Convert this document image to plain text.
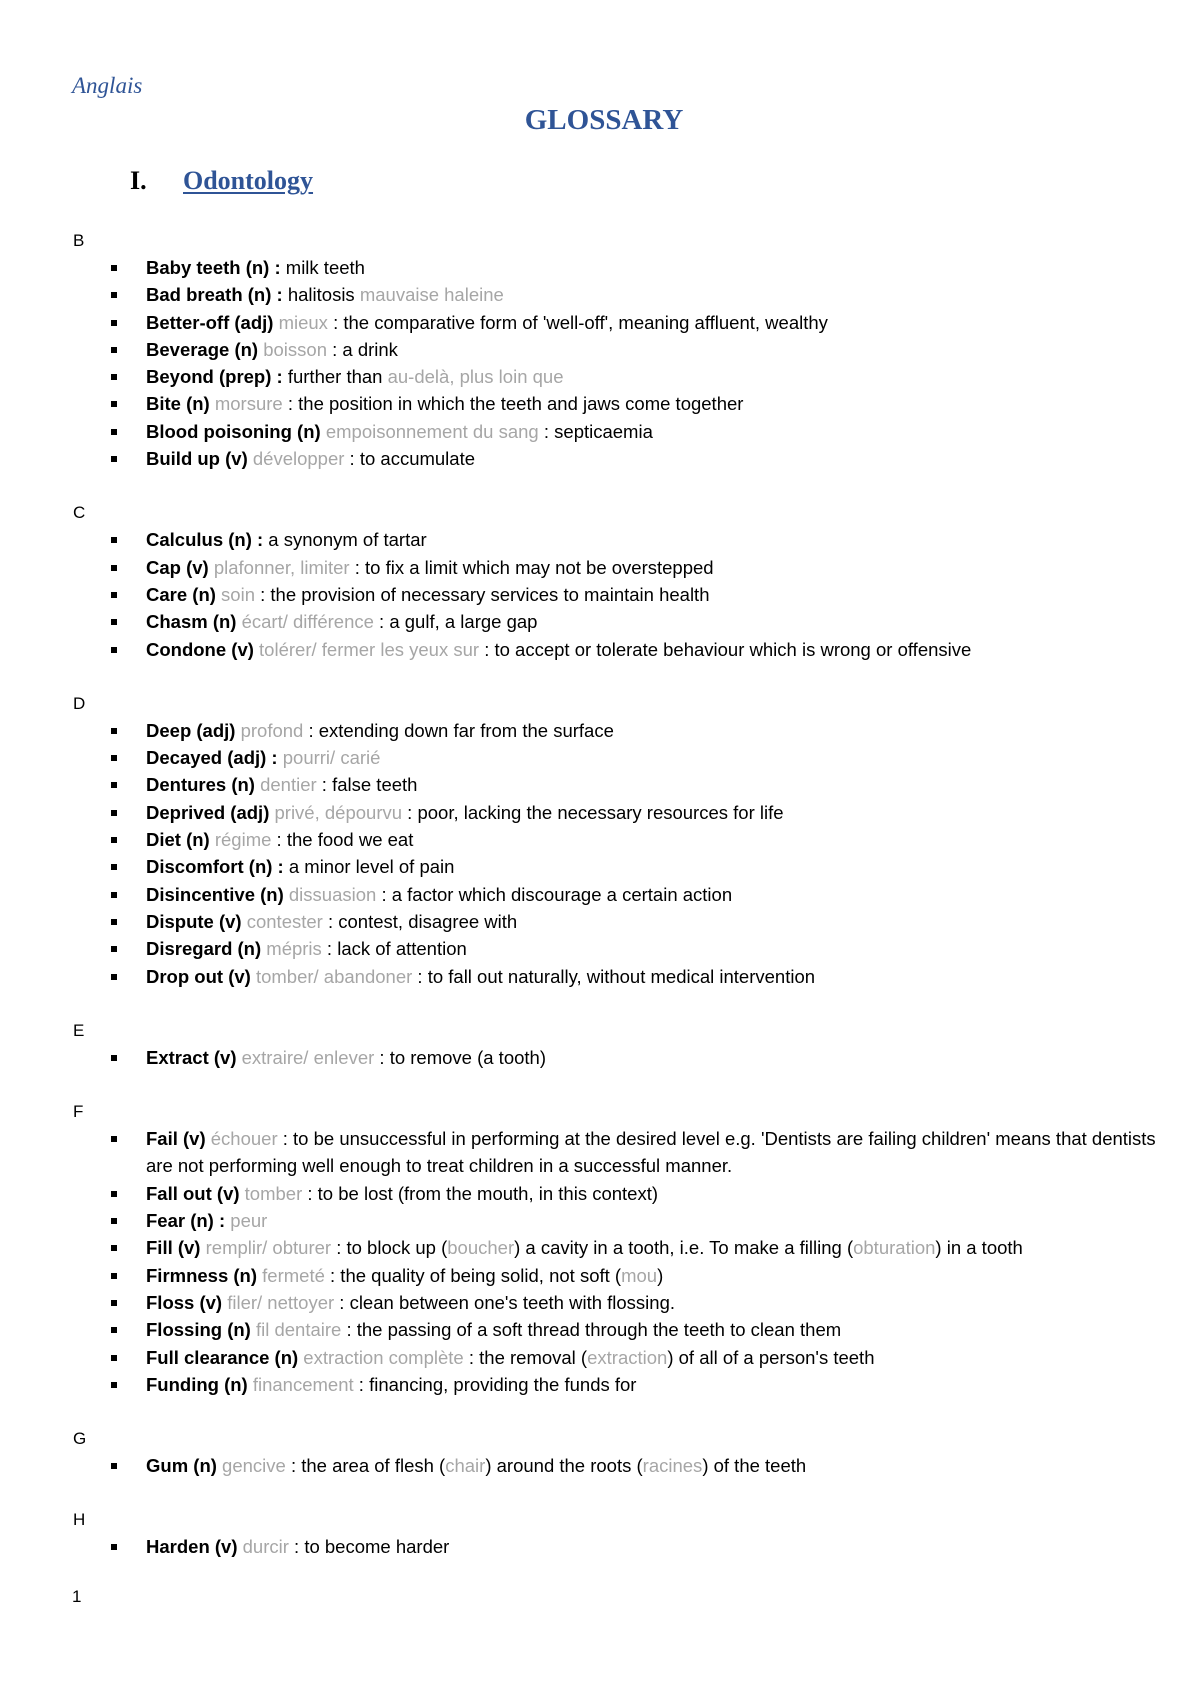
Anglais
GLOSSARY
I. Odontology
B
Baby teeth (n) : milk teeth
Bad breath (n) : halitosis mauvaise haleine
Better-off (adj) mieux : the comparative form of 'well-off', meaning affluent, wealthy
Beverage (n) boisson : a drink
Beyond (prep) : further than au-delà, plus loin que
Bite (n) morsure : the position in which the teeth and jaws come together
Blood poisoning (n) empoisonnement du sang : septicaemia
Build up (v) développer : to accumulate
C
Calculus (n) : a synonym of tartar
Cap (v) plafonner, limiter : to fix a limit which may not be overstepped
Care (n) soin : the provision of necessary services to maintain health
Chasm (n) écart/ différence : a gulf, a large gap
Condone (v) tolérer/ fermer les yeux sur : to accept or tolerate behaviour which is wrong or offensive
D
Deep (adj) profond : extending down far from the surface
Decayed (adj) : pourri/ carié
Dentures (n) dentier : false teeth
Deprived (adj) privé, dépourvu : poor, lacking the necessary resources for life
Diet (n) régime : the food we eat
Discomfort (n) : a minor level of pain
Disincentive (n) dissuasion : a factor which discourage a certain action
Dispute (v) contester : contest, disagree with
Disregard (n) mépris : lack of attention
Drop out (v) tomber/ abandoner : to fall out naturally, without medical intervention
E
Extract (v) extraire/ enlever : to remove (a tooth)
F
Fail (v) échouer : to be unsuccessful in performing at the desired level e.g. 'Dentists are failing children' means that dentists are not performing well enough to treat children in a successful manner.
Fall out (v) tomber : to be lost (from the mouth, in this context)
Fear (n) : peur
Fill (v) remplir/ obturer : to block up (boucher) a cavity in a tooth, i.e. To make a filling (obturation) in a tooth
Firmness (n) fermeté : the quality of being solid, not soft (mou)
Floss (v) filer/ nettoyer : clean between one's teeth with flossing.
Flossing (n) fil dentaire : the passing of a soft thread through the teeth to clean them
Full clearance (n) extraction complète : the removal (extraction) of all of a person's teeth
Funding (n) financement : financing, providing the funds for
G
Gum (n) gencive : the area of flesh (chair) around the roots (racines) of the teeth
H
Harden (v) durcir : to become harder
1
